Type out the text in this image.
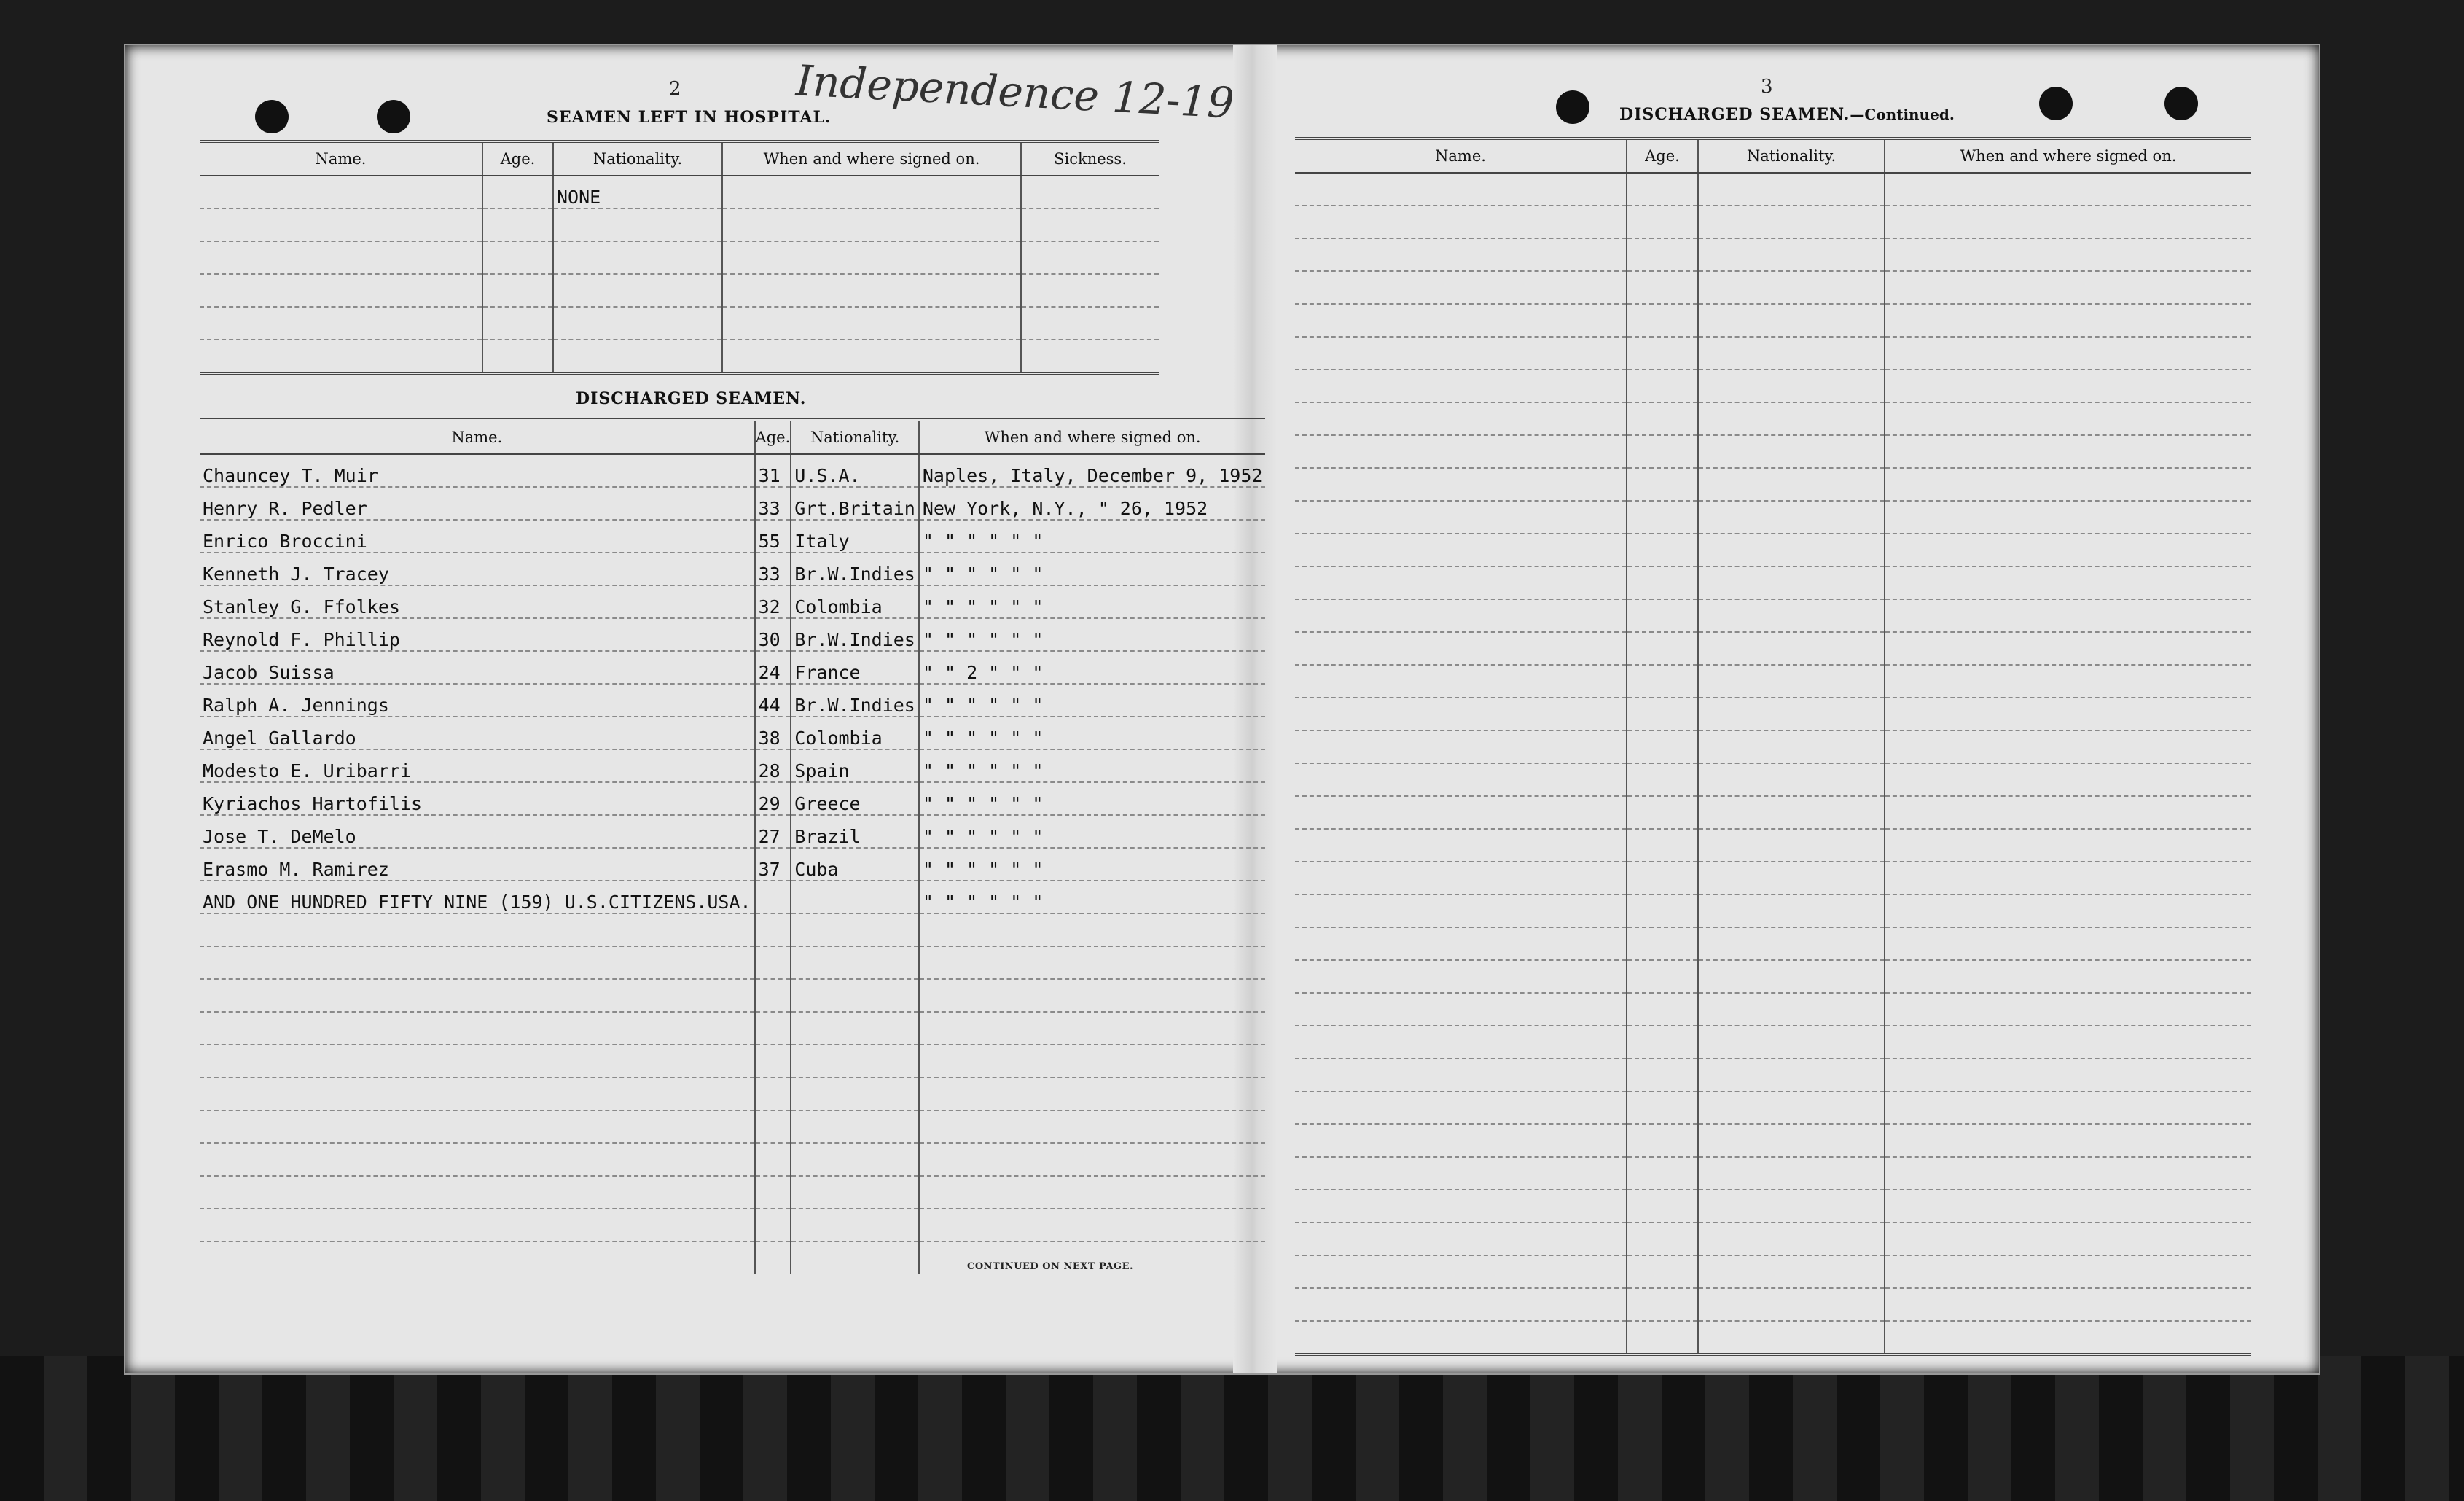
2
SEAMEN LEFT IN HOSPITAL.
Independence 12-19
Name.	Age.	Nationality.	When and where signed on.	Sickness.
		NONE		

DISCHARGED SEAMEN.
Name.	Age.	Nationality.	When and where signed on.
Chauncey T. Muir	31	U.S.A.	Naples, Italy, December 9, 1952
Henry R. Pedler	33	Grt.Britain	New York, N.Y., " 26, 1952
Enrico Broccini	55	Italy	" " " " " "
Kenneth J. Tracey	33	Br.W.Indies	" " " " " "
Stanley G. Ffolkes	32	Colombia	" " " " " "
Reynold F. Phillip	30	Br.W.Indies	" " " " " "
Jacob Suissa	24	France	" " 2 " " "
Ralph A. Jennings	44	Br.W.Indies	" " " " " "
Angel Gallardo	38	Colombia	" " " " " "
Modesto E. Uribarri	28	Spain	" " " " " "
Kyriachos Hartofilis	29	Greece	" " " " " "
Jose T. DeMelo	27	Brazil	" " " " " "
Erasmo M. Ramirez	37	Cuba	" " " " " "
AND ONE HUNDRED FIFTY NINE (159) U.S.CITIZENS.USA.			" " " " " "

CONTINUED ON NEXT PAGE.
3
DISCHARGED SEAMEN.—Continued.
Name.	Age.	Nationality.	When and where signed on.
